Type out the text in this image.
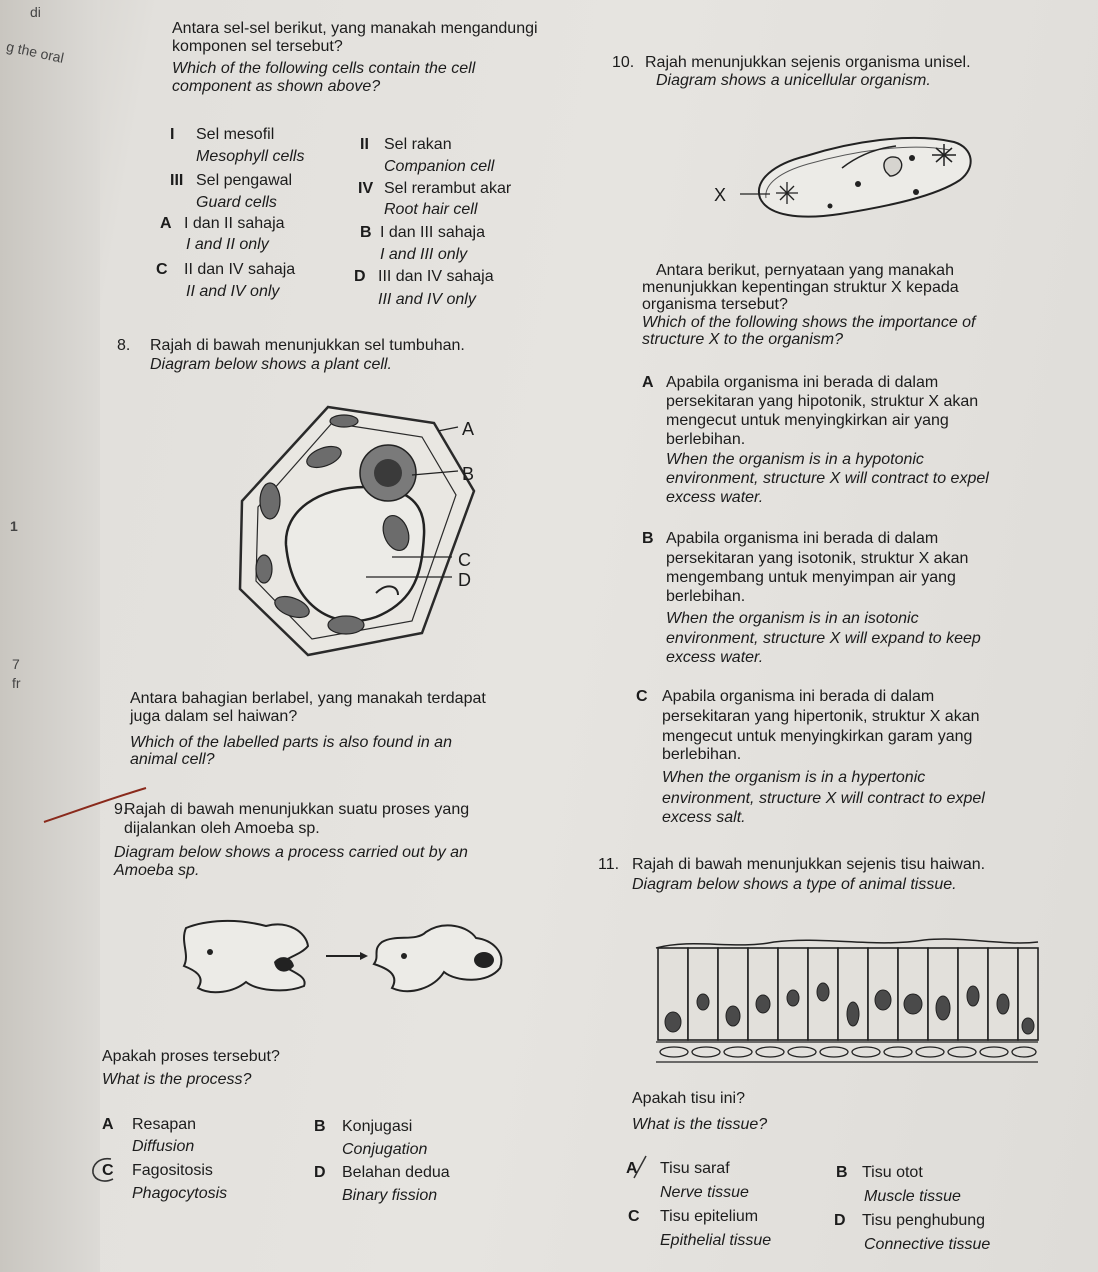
di
g the oral
1
7
fr
Antara sel-sel berikut, yang manakah mengandungi
komponen sel tersebut?
Which of the following cells contain the cell
component as shown above?
I Sel mesofil
Mesophyll cells
II Sel rakan
Companion cell
III Sel pengawal
Guard cells
IV Sel rerambut akar
Root hair cell
A I dan II sahaja
I and II only
B I dan III sahaja
I and III only
C II dan IV sahaja
II and IV only
D III dan IV sahaja
III and IV only
8. Rajah di bawah menunjukkan sel tumbuhan.
Diagram below shows a plant cell.
A
B
C
D
Antara bahagian berlabel, yang manakah terdapat
juga dalam sel haiwan?
Which of the labelled parts is also found in an
animal cell?
9.
Rajah di bawah menunjukkan suatu proses yang
dijalankan oleh Amoeba sp.
Diagram below shows a process carried out by an
Amoeba sp.
Apakah proses tersebut?
What is the process?
A Resapan
Diffusion
B Konjugasi
Conjugation
C Fagositosis
Phagocytosis
D Belahan dedua
Binary fission
10. Rajah menunjukkan sejenis organisma unisel.
Diagram shows a unicellular organism.
X
Antara berikut, pernyataan yang manakah
menunjukkan kepentingan struktur X kepada
organisma tersebut?
Which of the following shows the importance of
structure X to the organism?
A Apabila organisma ini berada di dalam
persekitaran yang hipotonik, struktur X akan
mengecut untuk menyingkirkan air yang
berlebihan.
When the organism is in a hypotonic
environment, structure X will contract to expel
excess water.
B Apabila organisma ini berada di dalam
persekitaran yang isotonik, struktur X akan
mengembang untuk menyimpan air yang
berlebihan.
When the organism is in an isotonic
environment, structure X will expand to keep
excess water.
C Apabila organisma ini berada di dalam
persekitaran yang hipertonik, struktur X akan
mengecut untuk menyingkirkan garam yang
berlebihan.
When the organism is in a hypertonic
environment, structure X will contract to expel
excess salt.
11. Rajah di bawah menunjukkan sejenis tisu haiwan.
Diagram below shows a type of animal tissue.
Apakah tisu ini?
What is the tissue?
A Tisu saraf
Nerve tissue
B Tisu otot
Muscle tissue
C Tisu epitelium
Epithelial tissue
D Tisu penghubung
Connective tissue
